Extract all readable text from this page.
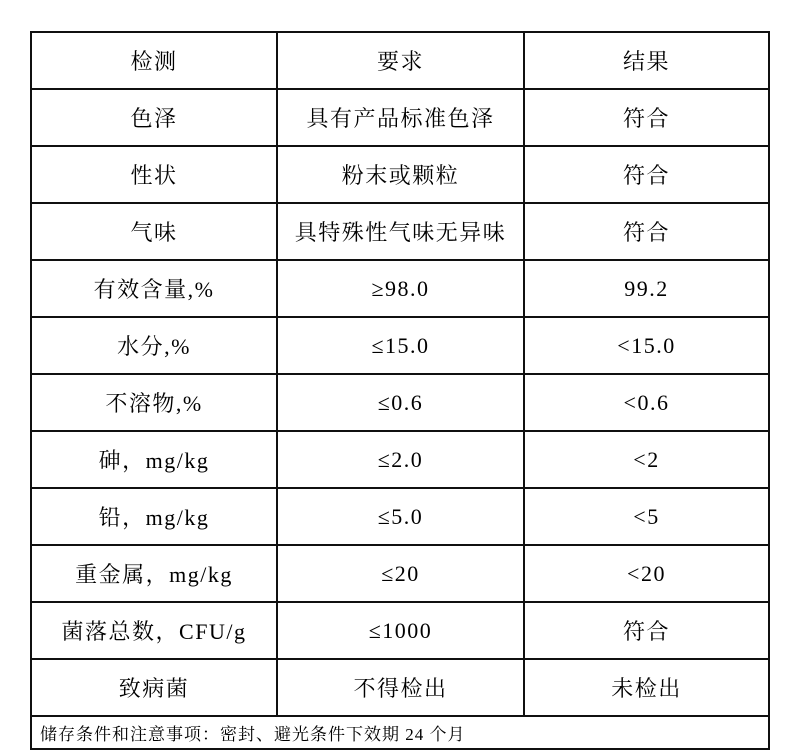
检测	要求	结果
色泽	具有产品标准色泽	符合
性状	粉末或颗粒	符合
气味	具特殊性气味无异味	符合
有效含量,%	≥98.0	99.2
水分,%	≤15.0	<15.0
不溶物,%	≤0.6	<0.6
砷，mg/kg	≤2.0	<2
铅，mg/kg	≤5.0	<5
重金属，mg/kg	≤20	<20
菌落总数，CFU/g	≤1000	符合
致病菌	不得检出	未检出
储存条件和注意事项：密封、避光条件下效期 24 个月		
